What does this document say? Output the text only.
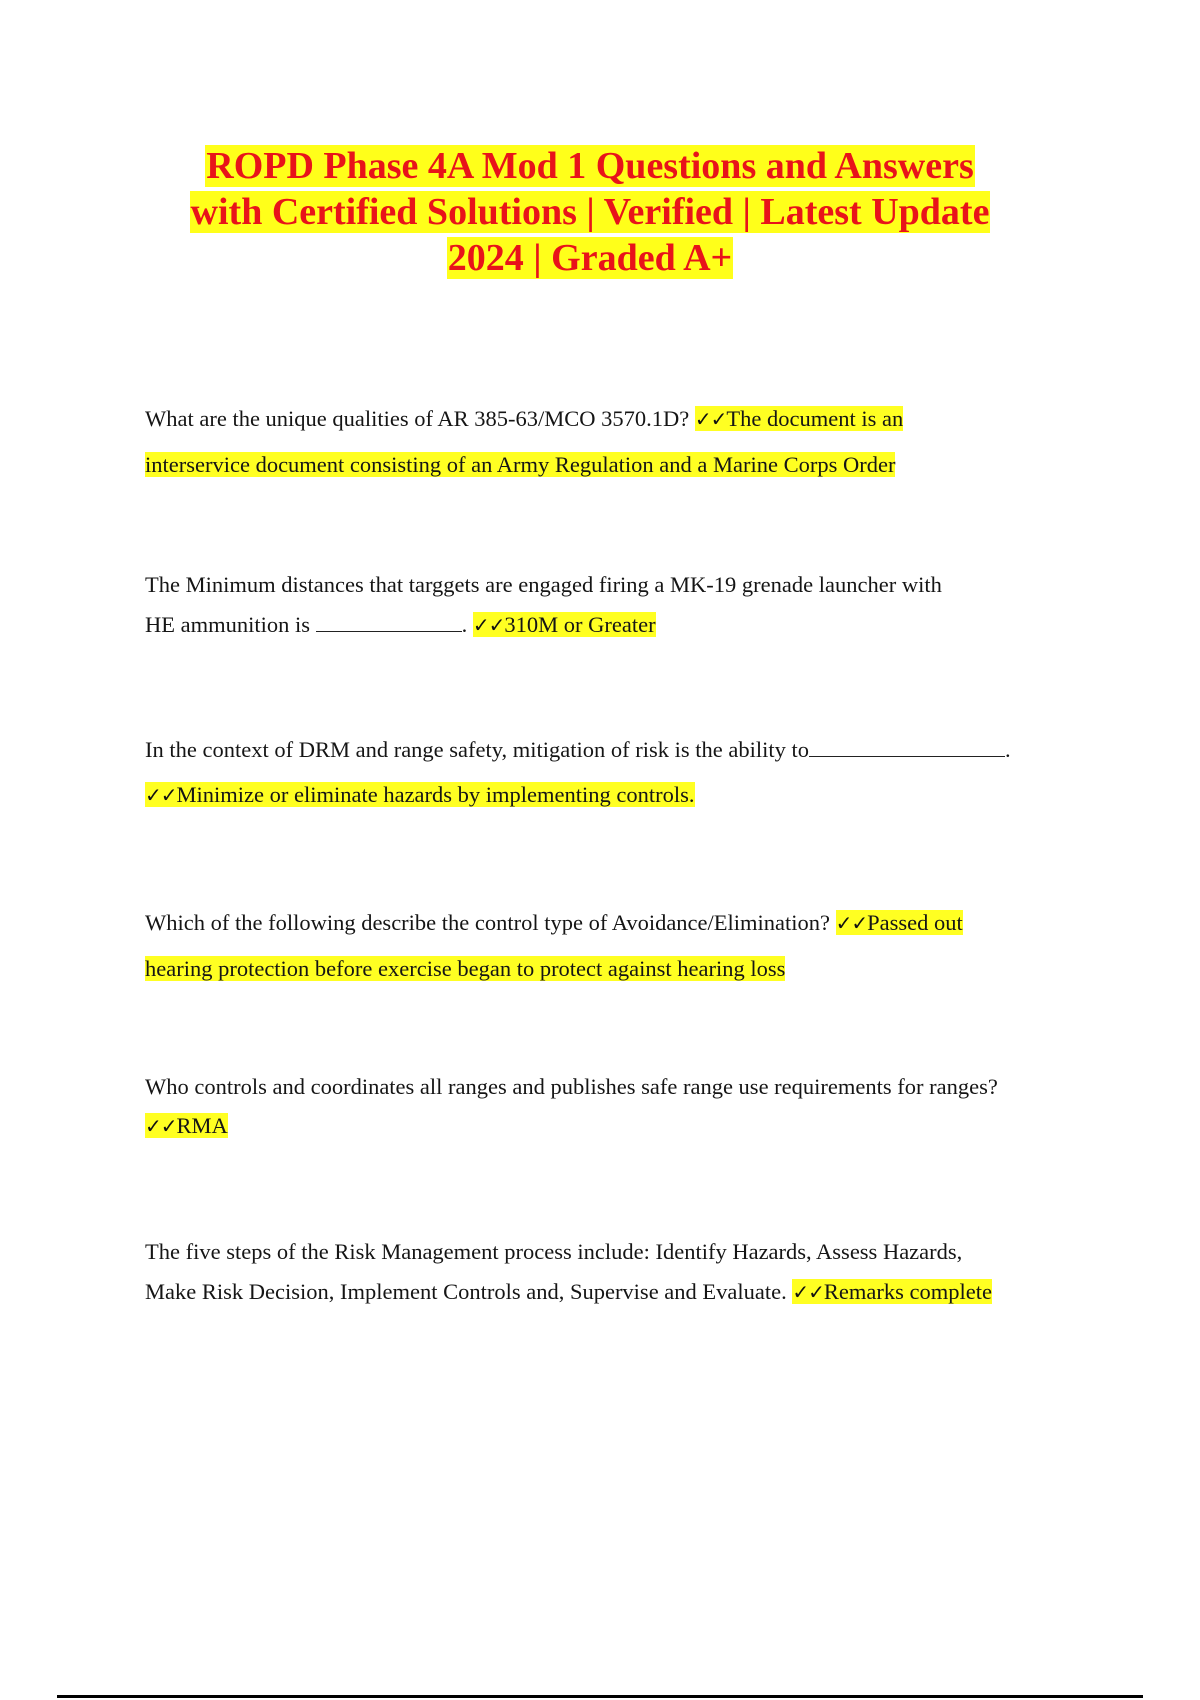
ROPD Phase 4A Mod 1 Questions and Answers
with Certified Solutions | Verified | Latest Update
2024 | Graded A+
What are the unique qualities of AR 385-63/MCO 3570.1D? ✓✓The document is an
interservice document consisting of an Army Regulation and a Marine Corps Order
The Minimum distances that targgets are engaged firing a MK-19 grenade launcher with
HE ammunition is	. ✓✓310M or Greater
In the context of DRM and range safety, mitigation of risk is the ability to	.
✓✓Minimize or eliminate hazards by implementing controls.
Which of the following describe the control type of Avoidance/Elimination? ✓✓Passed out
hearing protection before exercise began to protect against hearing loss
Who controls and coordinates all ranges and publishes safe range use requirements for ranges?
✓✓RMA
The five steps of the Risk Management process include: Identify Hazards, Assess Hazards,
Make Risk Decision, Implement Controls and, Supervise and Evaluate. ✓✓Remarks complete
